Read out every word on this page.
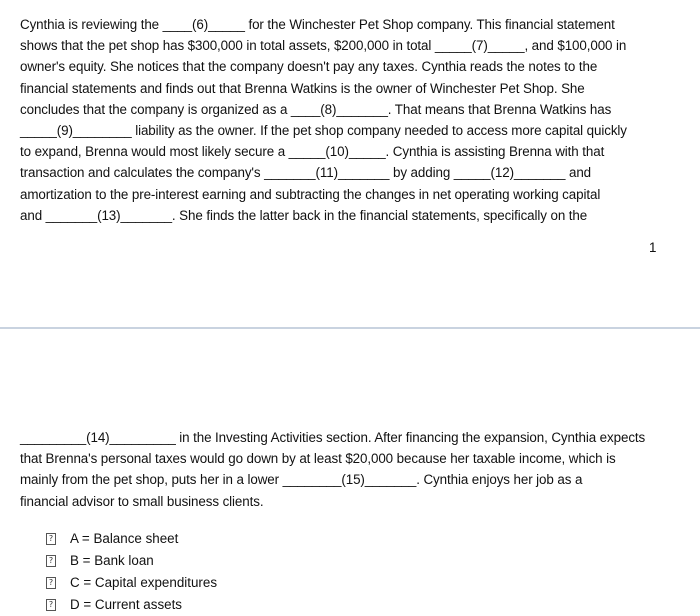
Cynthia is reviewing the ____(6)_____ for the Winchester Pet Shop company. This financial statement
shows that the pet shop has $300,000 in total assets, $200,000 in total _____(7)_____, and $100,000 in
owner's equity. She notices that the company doesn't pay any taxes. Cynthia reads the notes to the
financial statements and finds out that Brenna Watkins is the owner of Winchester Pet Shop. She
concludes that the company is organized as a ____(8)_______. That means that Brenna Watkins has
_____(9)________ liability as the owner. If the pet shop company needed to access more capital quickly
to expand, Brenna would most likely secure a _____(10)_____. Cynthia is assisting Brenna with that
transaction and calculates the company's _______(11)_______ by adding _____(12)_______ and
amortization to the pre-interest earning and subtracting the changes in net operating working capital
and _______(13)_______. She finds the latter back in the financial statements, specifically on the
1
_________(14)_________ in the Investing Activities section. After financing the expansion, Cynthia expects
that Brenna's personal taxes would go down by at least $20,000 because her taxable income, which is
mainly from the pet shop, puts her in a lower ________(15)_______. Cynthia enjoys her job as a
financial advisor to small business clients.
? A = Balance sheet
? B = Bank loan
? C = Capital expenditures
? D = Current assets
